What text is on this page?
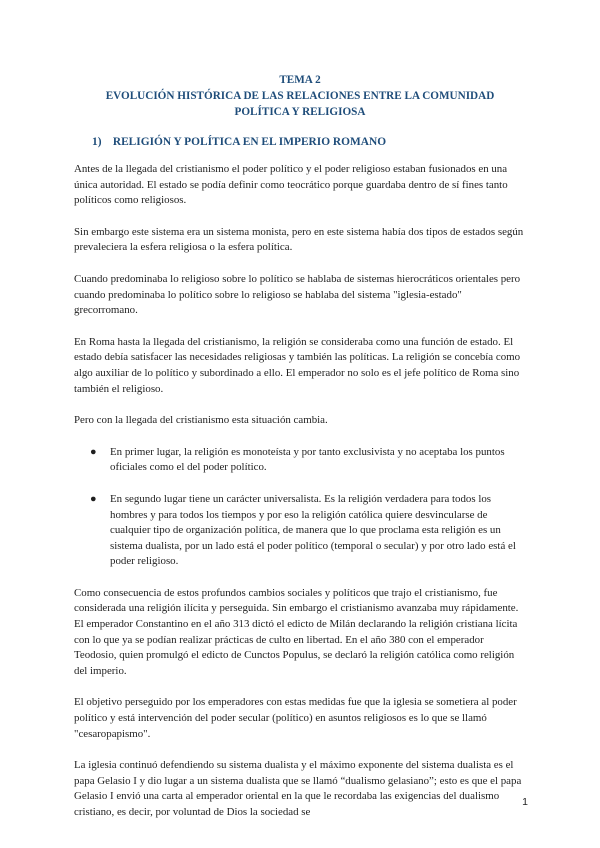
TEMA 2
EVOLUCIÓN HISTÓRICA DE LAS RELACIONES ENTRE LA COMUNIDAD
POLÍTICA Y RELIGIOSA
1) RELIGIÓN Y POLÍTICA EN EL IMPERIO ROMANO

Antes de la llegada del cristianismo el poder político y el poder religioso estaban fusionados en una única autoridad. El estado se podía definir como teocrático porque guardaba dentro de sí fines tanto políticos como religiosos.

Sin embargo este sistema era un sistema monista, pero en este sistema había dos tipos de estados según prevaleciera la esfera religiosa o la esfera política.

Cuando predominaba lo religioso sobre lo político se hablaba de sistemas hierocráticos orientales pero cuando predominaba lo político sobre lo religioso se hablaba del sistema "iglesia-estado" grecorromano.

En Roma hasta la llegada del cristianismo, la religión se consideraba como una función de estado. El estado debía satisfacer las necesidades religiosas y también las políticas. La religión se concebía como algo auxiliar de lo político y subordinado a ello. El emperador no solo es el jefe político de Roma sino también el religioso.

Pero con la llegada del cristianismo esta situación cambia.

●	En primer lugar, la religión es monoteísta y por tanto exclusivista y no aceptaba los puntos oficiales como el del poder político.
●	En segundo lugar tiene un carácter universalista. Es la religión verdadera para todos los hombres y para todos los tiempos y por eso la religión católica quiere desvincularse de cualquier tipo de organización política, de manera que lo que proclama esta religión es un sistema dualista, por un lado está el poder político (temporal o secular) y por otro lado está el poder religioso.

Como consecuencia de estos profundos cambios sociales y políticos que trajo el cristianismo, fue considerada una religión ilícita y perseguida. Sin embargo el cristianismo avanzaba muy rápidamente. El emperador Constantino en el año 313 dictó el edicto de Milán declarando la religión cristiana lícita con lo que ya se podían realizar prácticas de culto en libertad. En el año 380 con el emperador Teodosio, quien promulgó el edicto de Cunctos Populus, se declaró la religión católica como religión del imperio.

El objetivo perseguido por los emperadores con estas medidas fue que la iglesia se sometiera al poder político y está intervención del poder secular (político) en asuntos religiosos es lo que se llamó "cesaropapismo".

La iglesia continuó defendiendo su sistema dualista y el máximo exponente del sistema dualista es el papa Gelasio I y dio lugar a un sistema dualista que se llamó “dualismo gelasiano”; esto es que el papa Gelasio I envió una carta al emperador oriental en la que le recordaba las exigencias del dualismo cristiano, es decir, por voluntad de Dios la sociedad se

1
